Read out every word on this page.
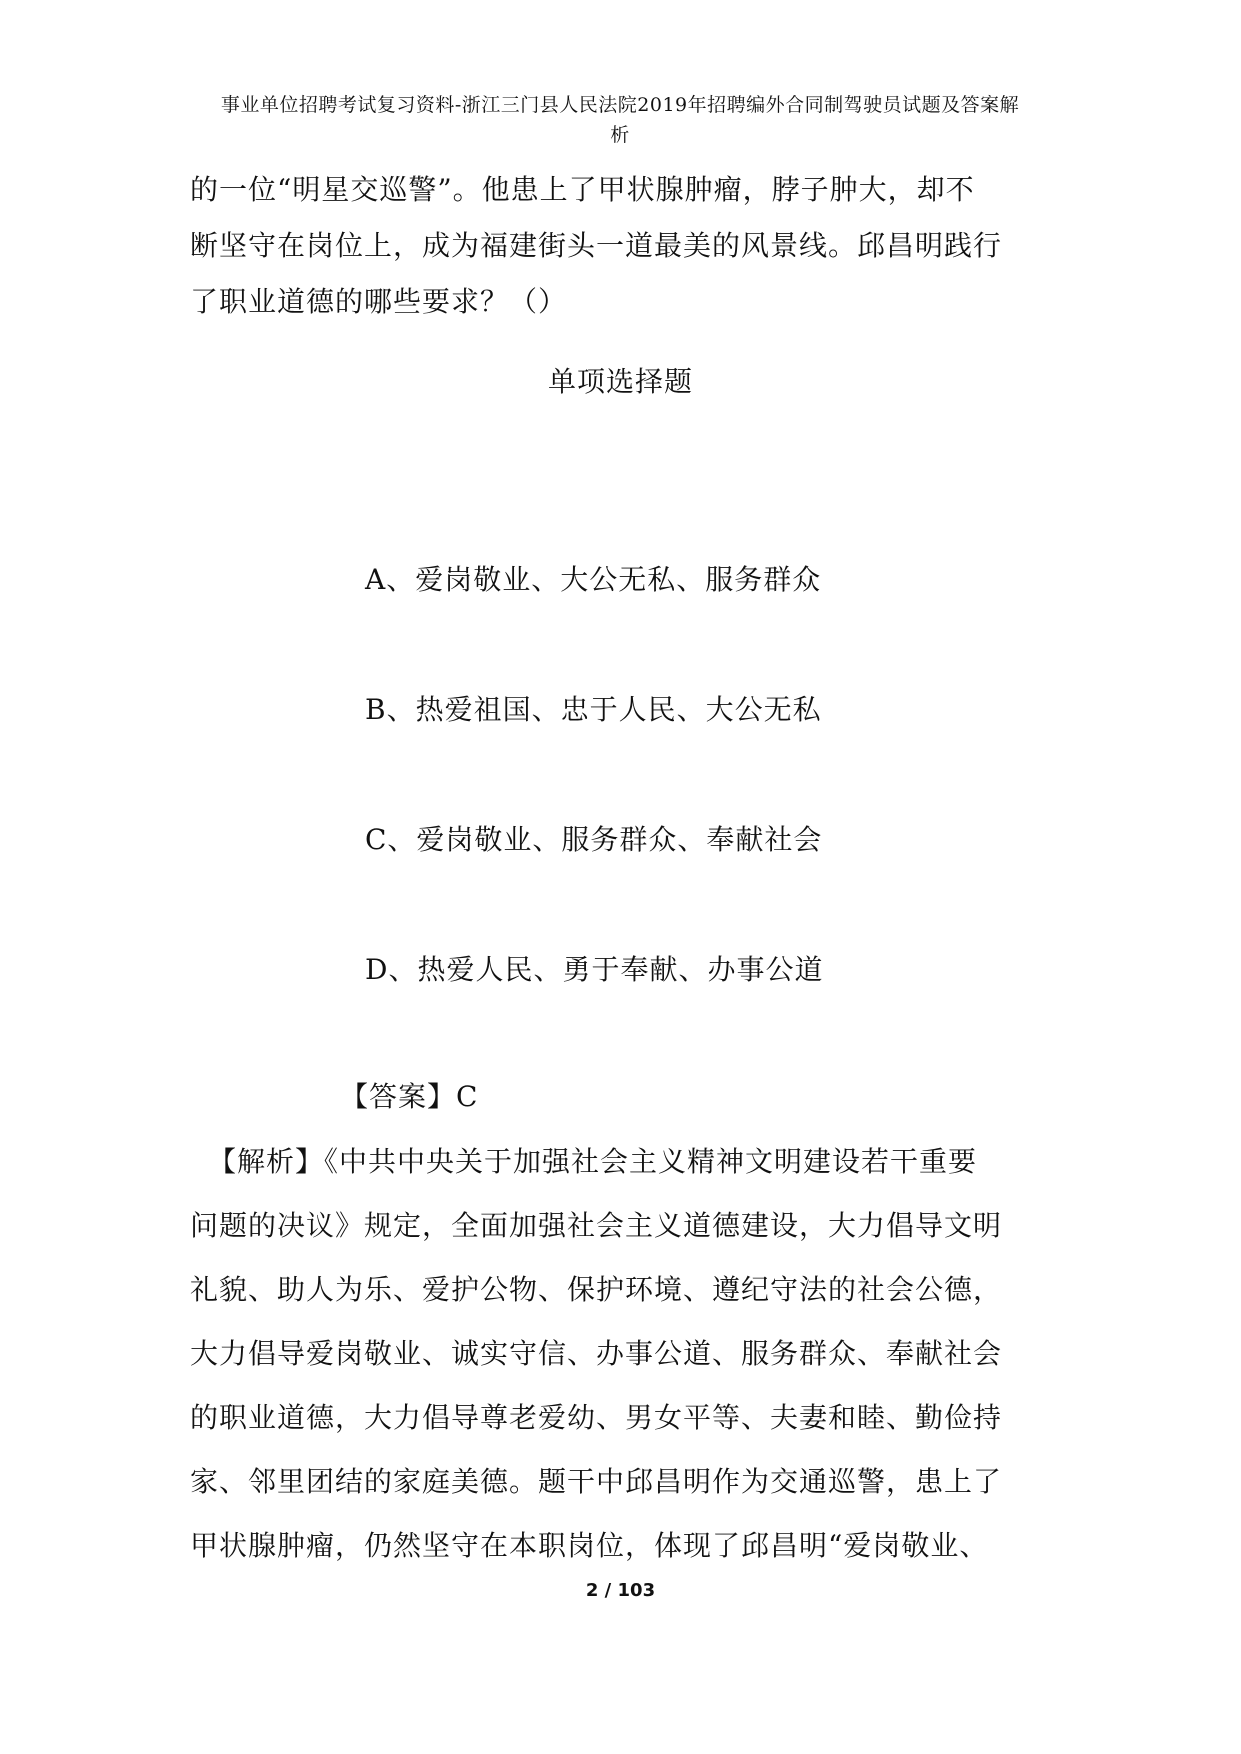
事业单位招聘考试复习资料-浙江三门县人民法院2019年招聘编外合同制驾驶员试题及答案解
析
的一位“明星交巡警”。他患上了甲状腺肿瘤，脖子肿大，却不
断坚守在岗位上，成为福建街头一道最美的风景线。邱昌明践行
了职业道德的哪些要求？（）
单项选择题
A、爱岗敬业、大公无私、服务群众
B、热爱祖国、忠于人民、大公无私
C、爱岗敬业、服务群众、奉献社会
D、热爱人民、勇于奉献、办事公道
【答案】C
【解析】《中共中央关于加强社会主义精神文明建设若干重要
问题的决议》规定，全面加强社会主义道德建设，大力倡导文明
礼貌、助人为乐、爱护公物、保护环境、遵纪守法的社会公德，
大力倡导爱岗敬业、诚实守信、办事公道、服务群众、奉献社会
的职业道德，大力倡导尊老爱幼、男女平等、夫妻和睦、勤俭持
家、邻里团结的家庭美德。题干中邱昌明作为交通巡警，患上了
甲状腺肿瘤，仍然坚守在本职岗位，体现了邱昌明“爱岗敬业、
2 / 103
